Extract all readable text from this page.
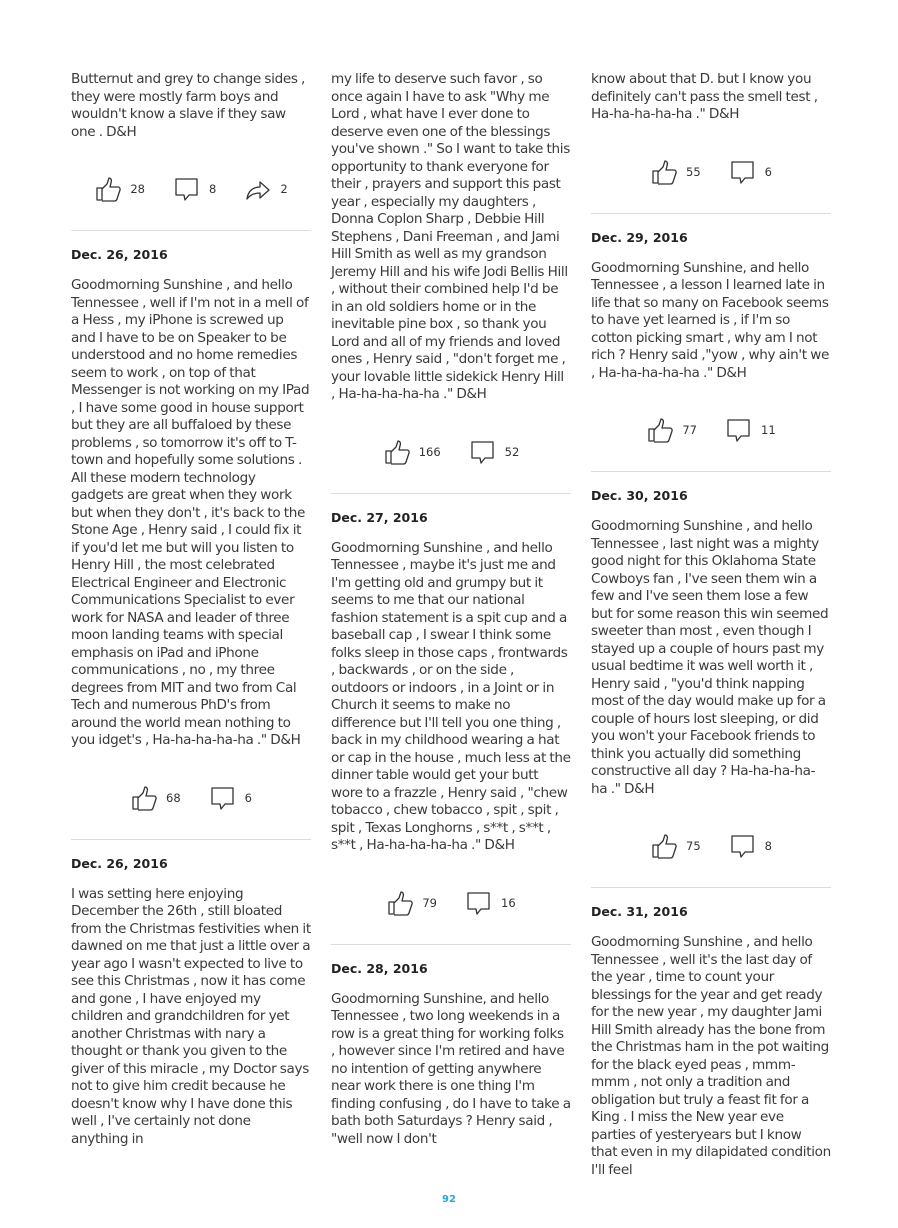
Butternut and grey to change sides , they were mostly farm boys and wouldn't know a slave if they saw one . D&H

28	8	2

Dec. 26, 2016

Goodmorning Sunshine , and hello Tennessee , well if I'm not in a mell of a Hess , my iPhone is screwed up and I have to be on Speaker to be understood and no home remedies seem to work , on top of that Messenger is not working on my IPad , I have some good in house support but they are all buffaloed by these problems , so tomorrow it's off to T-town and hopefully some solutions . All these modern technology gadgets are great when they work but when they don't , it's back to the Stone Age , Henry said , I could fix it if you'd let me but will you listen to Henry Hill , the most celebrated Electrical Engineer and Electronic Communications Specialist to ever work for NASA and leader of three moon landing teams with special emphasis on iPad and iPhone communications , no , my three degrees from MIT and two from Cal Tech and numerous PhD's from around the world mean nothing to you idget's , Ha-ha-ha-ha-ha ." D&H

68	6

Dec. 26, 2016

I was setting here enjoying December the 26th , still bloated from the Christmas festivities when it dawned on me that just a little over a year ago I wasn't expected to live to see this Christmas , now it has come and gone , I have enjoyed my children and grandchildren for yet another Christmas with nary a thought or thank you given to the giver of this miracle , my Doctor says not to give him credit because he doesn't know why I have done this well , I've certainly not done anything in

my life to deserve such favor , so once again I have to ask "Why me Lord , what have I ever done to deserve even one of the blessings you've shown ." So I want to take this opportunity to thank everyone for their , prayers and support this past year , especially my daughters , Donna Coplon Sharp , Debbie Hill Stephens , Dani Freeman , and Jami Hill Smith as well as my grandson Jeremy Hill and his wife Jodi Bellis Hill , without their combined help I'd be in an old soldiers home or in the inevitable pine box , so thank you Lord and all of my friends and loved ones , Henry said , "don't forget me , your lovable little sidekick Henry Hill , Ha-ha-ha-ha-ha ." D&H

166	52

Dec. 27, 2016

Goodmorning Sunshine , and hello Tennessee , maybe it's just me and I'm getting old and grumpy but it seems to me that our national fashion statement is a spit cup and a baseball cap , I swear I think some folks sleep in those caps , frontwards , backwards , or on the side , outdoors or indoors , in a Joint or in Church it seems to make no difference but I'll tell you one thing , back in my childhood wearing a hat or cap in the house , much less at the dinner table would get your butt wore to a frazzle , Henry said , "chew tobacco , chew tobacco , spit , spit , spit , Texas Longhorns , s**t , s**t , s**t , Ha-ha-ha-ha-ha ." D&H

79	16

Dec. 28, 2016

Goodmorning Sunshine, and hello Tennessee , two long weekends in a row is a great thing for working folks , however since I'm retired and have no intention of getting anywhere near work there is one thing I'm finding confusing , do I have to take a bath both Saturdays ? Henry said , "well now I don't

know about that D. but I know you definitely can't pass the smell test , Ha-ha-ha-ha-ha ." D&H

55	6

Dec. 29, 2016

Goodmorning Sunshine, and hello Tennessee , a lesson I learned late in life that so many on Facebook seems to have yet learned is , if I'm so cotton picking smart , why am I not rich ? Henry said ,"yow , why ain't we , Ha-ha-ha-ha-ha ." D&H

77	11

Dec. 30, 2016

Goodmorning Sunshine , and hello Tennessee , last night was a mighty good night for this Oklahoma State Cowboys fan , I've seen them win a few and I've seen them lose a few but for some reason this win seemed sweeter than most , even though I stayed up a couple of hours past my usual bedtime it was well worth it , Henry said , "you'd think napping most of the day would make up for a couple of hours lost sleeping, or did you won't your Facebook friends to think you actually did something constructive all day ? Ha-ha-ha-ha-ha ." D&H

75	8

Dec. 31, 2016

Goodmorning Sunshine , and hello Tennessee , well it's the last day of the year , time to count your blessings for the year and get ready for the new year , my daughter Jami Hill Smith already has the bone from the Christmas ham in the pot waiting for the black eyed peas , mmm-mmm , not only a tradition and obligation but truly a feast fit for a King . I miss the New year eve parties of yesteryears but I know that even in my dilapidated condition I'll feel

92
